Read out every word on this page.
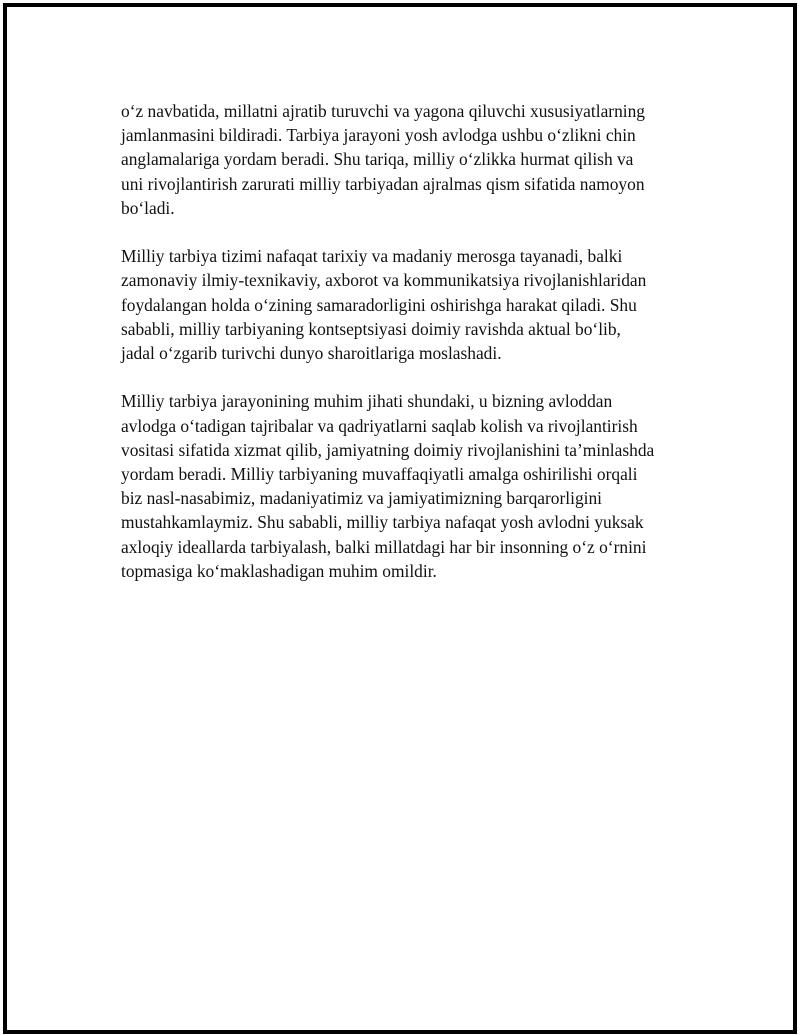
o‘z navbatida, millatni ajratib turuvchi va yagona qiluvchi xususiyatlarning
jamlanmasini bildiradi. Tarbiya jarayoni yosh avlodga ushbu o‘zlikni chin
anglamalariga yordam beradi. Shu tariqa, milliy o‘zlikka hurmat qilish va
uni rivojlantirish zarurati milliy tarbiyadan ajralmas qism sifatida namoyon
bo‘ladi.

Milliy tarbiya tizimi nafaqat tarixiy va madaniy merosga tayanadi, balki
zamonaviy ilmiy-texnikaviy, axborot va kommunikatsiya rivojlanishlaridan
foydalangan holda o‘zining samaradorligini oshirishga harakat qiladi. Shu
sababli, milliy tarbiyaning kontseptsiyasi doimiy ravishda aktual bo‘lib,
jadal o‘zgarib turivchi dunyo sharoitlariga moslashadi.

Milliy tarbiya jarayonining muhim jihati shundaki, u bizning avloddan
avlodga o‘tadigan tajribalar va qadriyatlarni saqlab kolish va rivojlantirish
vositasi sifatida xizmat qilib, jamiyatning doimiy rivojlanishini ta’minlashda
yordam beradi. Milliy tarbiyaning muvaffaqiyatli amalga oshirilishi orqali
biz nasl-nasabimiz, madaniyatimiz va jamiyatimizning barqarorligini
mustahkamlaymiz. Shu sababli, milliy tarbiya nafaqat yosh avlodni yuksak
axloqiy ideallarda tarbiyalash, balki millatdagi har bir insonning o‘z o‘rnini
topmasiga ko‘maklashadigan muhim omildir.
